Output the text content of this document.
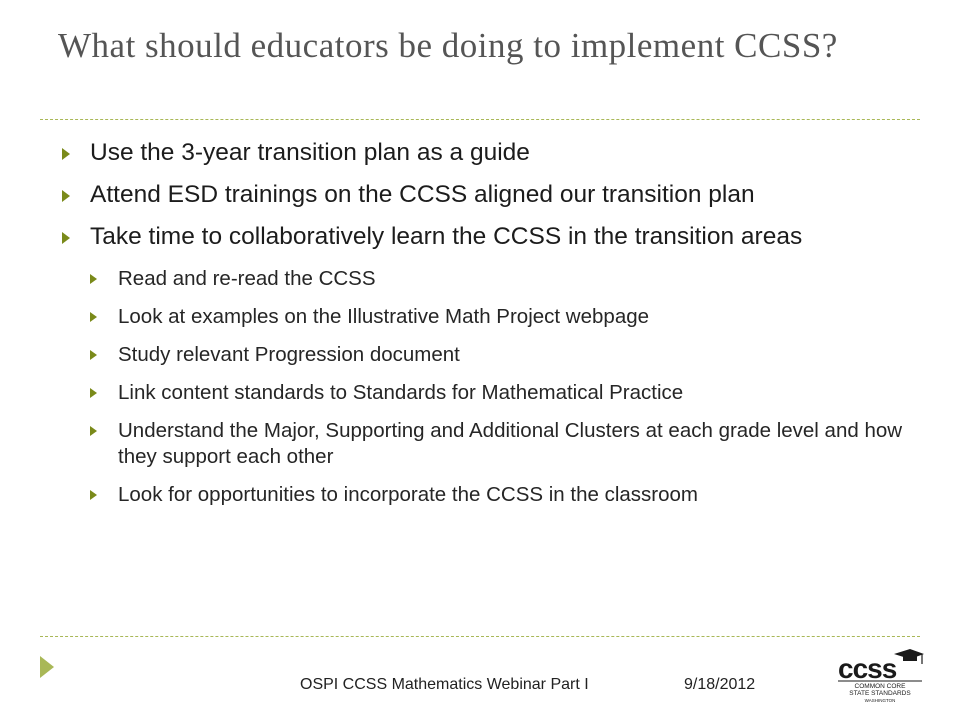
What should educators be doing to implement CCSS?
Use the 3-year transition plan as a guide
Attend ESD trainings on the CCSS aligned our transition plan
Take time to collaboratively learn the CCSS in the transition areas
Read and re-read the CCSS
Look at examples on the Illustrative Math Project webpage
Study relevant Progression document
Link content standards to Standards for Mathematical Practice
Understand the Major, Supporting and Additional Clusters at each grade level and how they support each other
Look for opportunities to incorporate the CCSS in the classroom
OSPI CCSS Mathematics Webinar Part I	9/18/2012
ccss
COMMON CORE
STATE STANDARDS
WASHINGTON
